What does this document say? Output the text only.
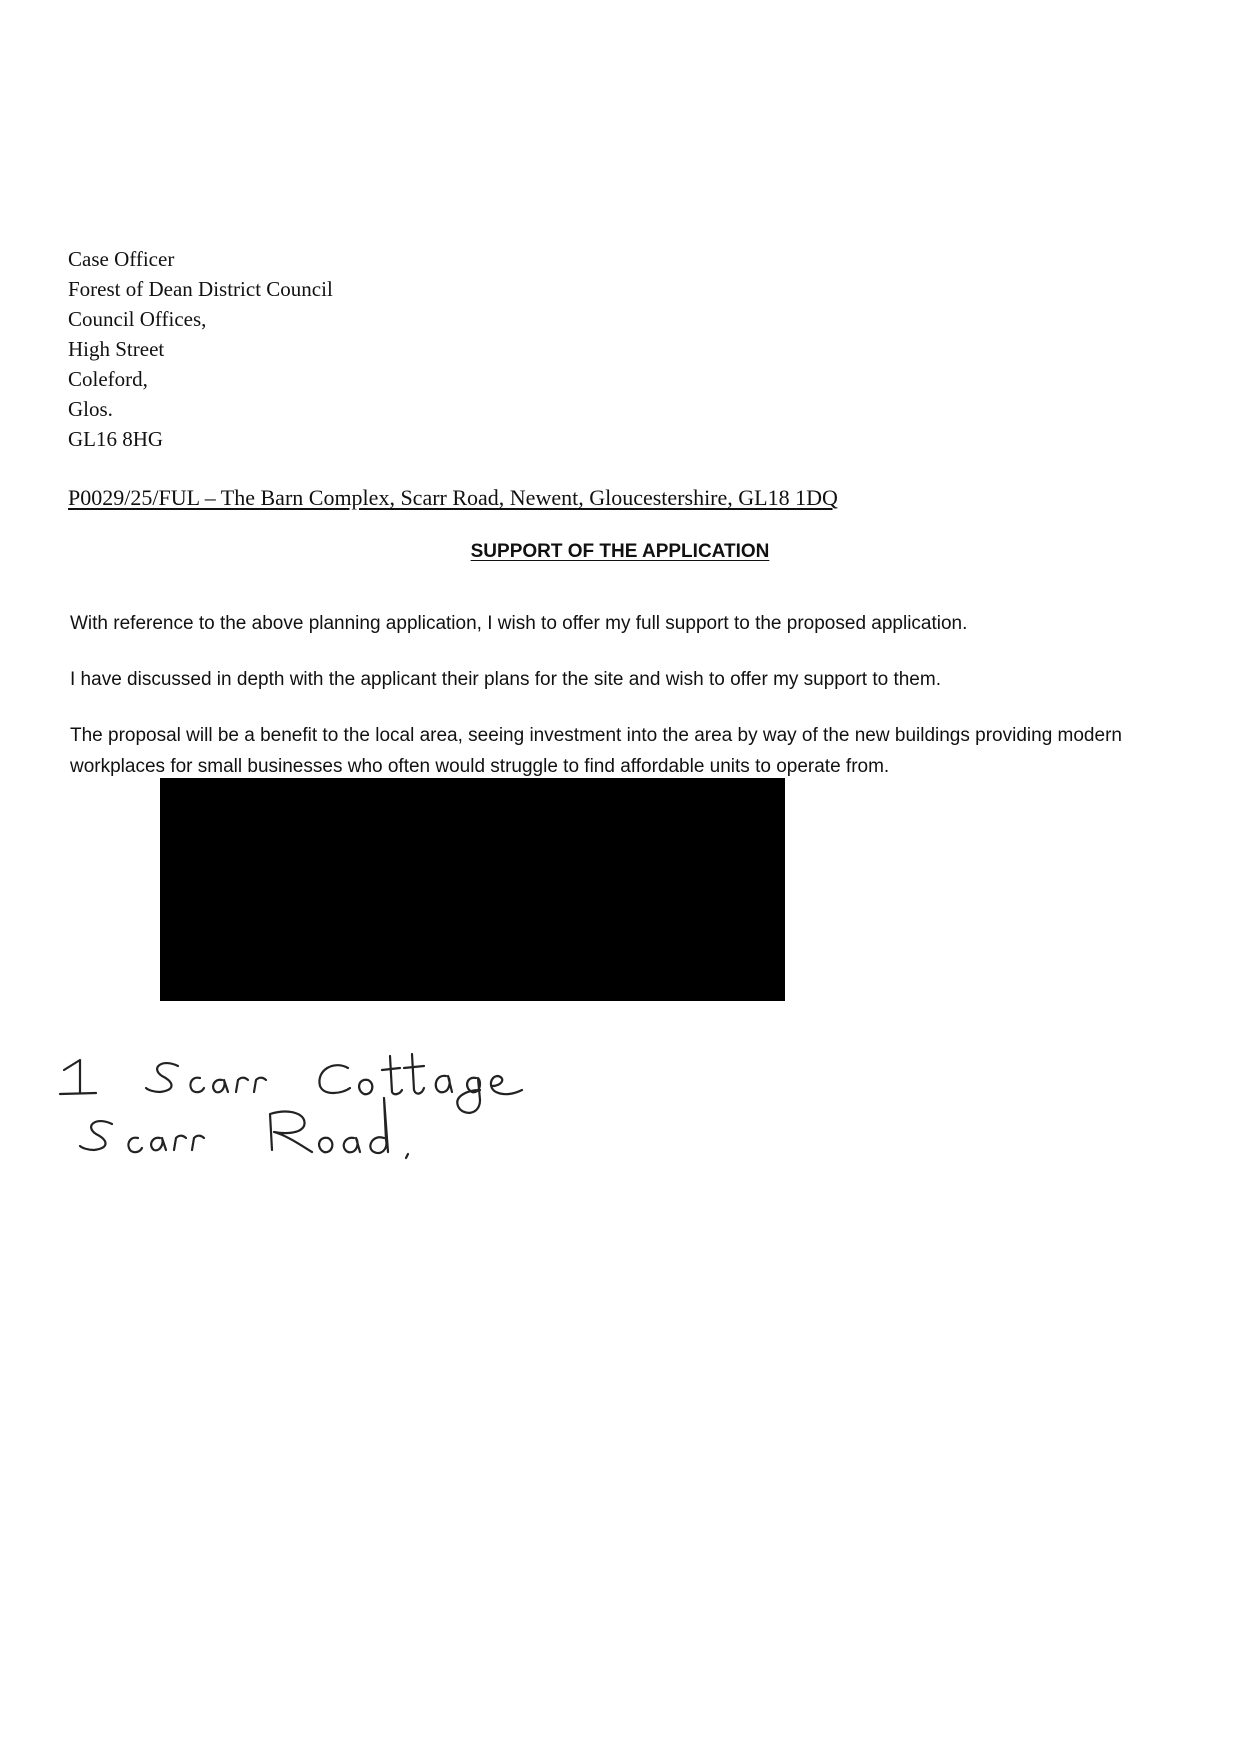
Case Officer
Forest of Dean District Council
Council Offices,
High Street
Coleford,
Glos.
GL16 8HG
P0029/25/FUL – The Barn Complex, Scarr Road, Newent, Gloucestershire, GL18 1DQ
SUPPORT OF THE APPLICATION
With reference to the above planning application, I wish to offer my full support to the proposed application.
I have discussed in depth with the applicant their plans for the site and wish to offer my support to them.
The proposal will be a benefit to the local area, seeing investment into the area by way of the new buildings providing modern workplaces for small businesses who often would struggle to find affordable units to operate from.
